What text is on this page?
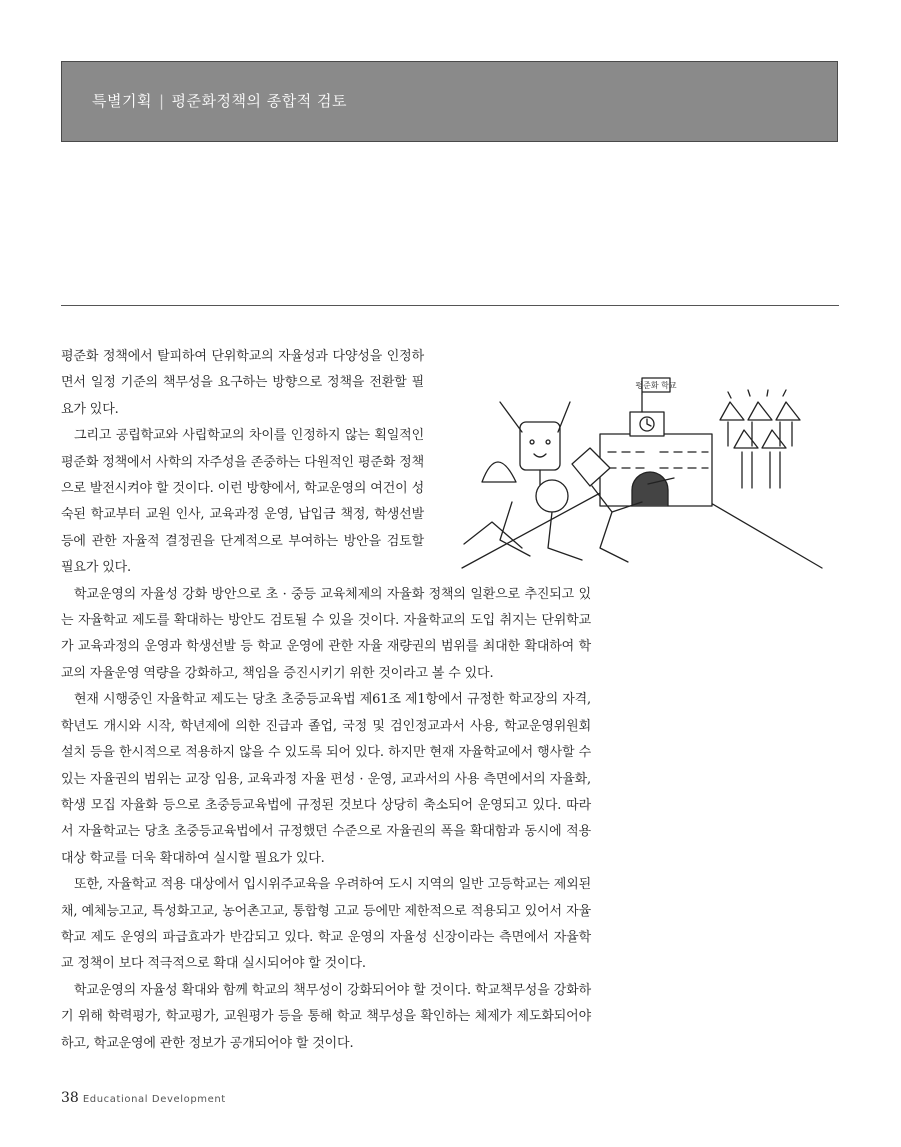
특별기획 | 평준화정책의 종합적 검토

평준화 정책에서 탈피하여 단위학교의 자율성과 다양성을 인정하면서 일정 기준의 책무성을 요구하는 방향으로 정책을 전환할 필요가 있다.

그리고 공립학교와 사립학교의 차이를 인정하지 않는 획일적인 평준화 정책에서 사학의 자주성을 존중하는 다원적인 평준화 정책으로 발전시켜야 할 것이다. 이런 방향에서, 학교운영의 여건이 성숙된 학교부터 교원 인사, 교육과정 운영, 납입금 책정, 학생선발 등에 관한 자율적 결정권을 단계적으로 부여하는 방안을 검토할 필요가 있다.

학교운영의 자율성 강화 방안으로 초 · 중등 교육체제의 자율화 정책의 일환으로 추진되고 있는 자율학교 제도를 확대하는 방안도 검토될 수 있을 것이다. 자율학교의 도입 취지는 단위학교가 교육과정의 운영과 학생선발 등 학교 운영에 관한 자율 재량권의 범위를 최대한 확대하여 학교의 자율운영 역량을 강화하고, 책임을 증진시키기 위한 것이라고 볼 수 있다.

현재 시행중인 자율학교 제도는 당초 초중등교육법 제61조 제1항에서 규정한 학교장의 자격, 학년도 개시와 시작, 학년제에 의한 진급과 졸업, 국정 및 검인정교과서 사용, 학교운영위원회 설치 등을 한시적으로 적용하지 않을 수 있도록 되어 있다. 하지만 현재 자율학교에서 행사할 수 있는 자율권의 범위는 교장 임용, 교육과정 자율 편성 · 운영, 교과서의 사용 측면에서의 자율화, 학생 모집 자율화 등으로 초중등교육법에 규정된 것보다 상당히 축소되어 운영되고 있다. 따라서 자율학교는 당초 초중등교육법에서 규정했던 수준으로 자율권의 폭을 확대함과 동시에 적용 대상 학교를 더욱 확대하여 실시할 필요가 있다.

또한, 자율학교 적용 대상에서 입시위주교육을 우려하여 도시 지역의 일반 고등학교는 제외된 채, 예체능고교, 특성화고교, 농어촌고교, 통합형 고교 등에만 제한적으로 적용되고 있어서 자율학교 제도 운영의 파급효과가 반감되고 있다. 학교 운영의 자율성 신장이라는 측면에서 자율학교 정책이 보다 적극적으로 확대 실시되어야 할 것이다.

학교운영의 자율성 확대와 함께 학교의 책무성이 강화되어야 할 것이다. 학교책무성을 강화하기 위해 학력평가, 학교평가, 교원평가 등을 통해 학교 책무성을 확인하는 체제가 제도화되어야 하고, 학교운영에 관한 정보가 공개되어야 할 것이다.

평준화 학교
38 Educational Development
